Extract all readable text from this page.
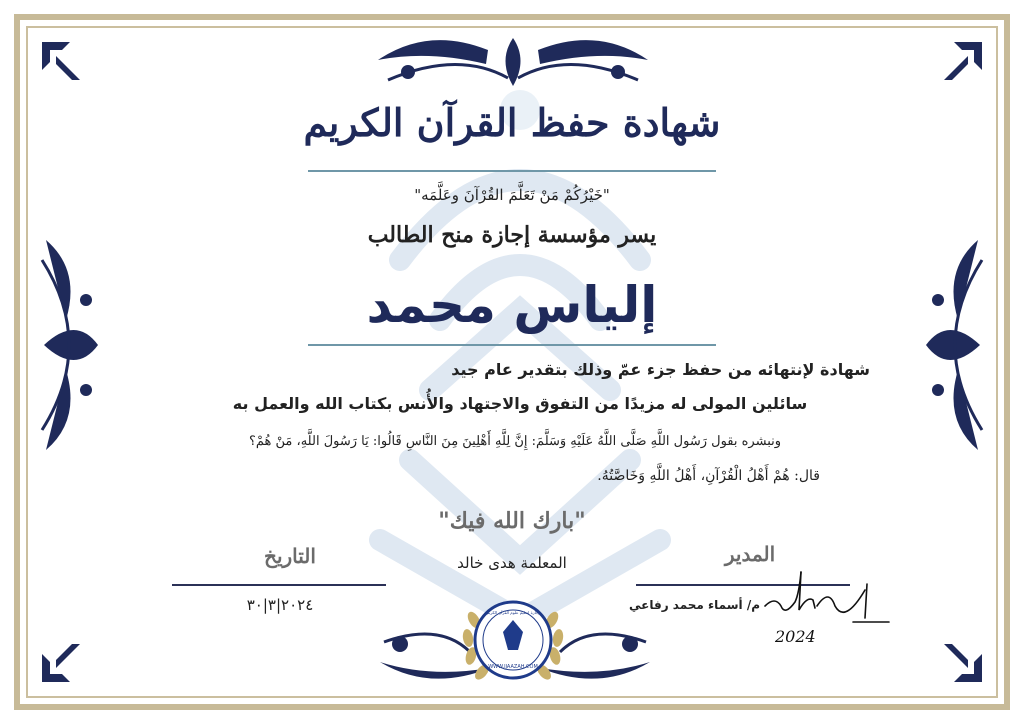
شهادة حفظ القرآن الكريم
"خَيْرُكُمْ مَنْ تَعَلَّمَ القُرْآنَ وعَلَّمَه"
يسر مؤسسة إجازة منح الطالب
إلياس محمد
شهادة لإنتهائه من حفظ جزء عمّ وذلك بتقدير عام جيد
سائلين المولى له مزيدًا من التفوق والاجتهاد والأُنس بكتاب الله والعمل به
ونبشره بقول رَسُول اللَّهِ صَلَّى اللَّهُ عَلَيْهِ وَسَلَّمَ: إِنَّ لِلَّهِ أَهْلِينَ مِنَ النَّاسِ قَالُوا: يَا رَسُولَ اللَّهِ، مَنْ هُمْ؟
قال: هُمْ أَهْلُ الْقُرْآنِ، أَهْلُ اللَّهِ وَخَاصَّتُهُ.
"بارك الله فيك"
التاريخ	المعلمة هدى خالد	المدير
٢٠٢٤|٣|٣٠	م/ أسماء محمد رفاعي
WWW.IJAAZAH.COM
إجازة لتعليم علوم القرآن الكريم
2024
